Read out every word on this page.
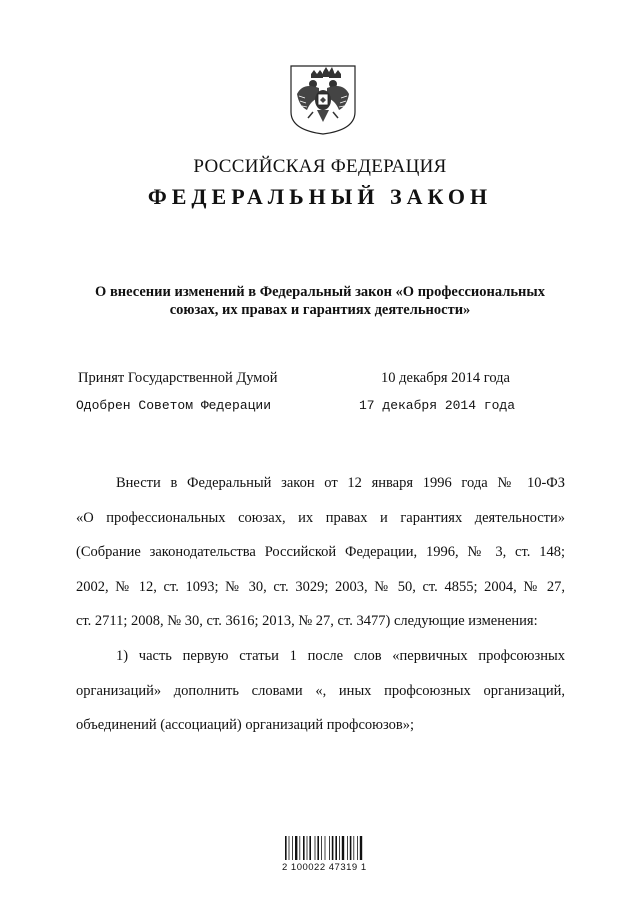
РОССИЙСКАЯ ФЕДЕРАЦИЯ
ФЕДЕРАЛЬНЫЙ ЗАКОН
О внесении изменений в Федеральный закон «О профессиональных
союзах, их правах и гарантиях деятельности»
Принят Государственной Думой	10 декабря 2014 года
Одобрен Советом Федерации	17 декабря 2014 года
Внести в Федеральный закон от 12 января 1996 года № 10-ФЗ
«О профессиональных союзах, их правах и гарантиях деятельности»
(Собрание законодательства Российской Федерации, 1996, № 3, ст. 148;
2002, № 12, ст. 1093; № 30, ст. 3029; 2003, № 50, ст. 4855; 2004, № 27,
ст. 2711; 2008, № 30, ст. 3616; 2013, № 27, ст. 3477) следующие изменения:
1) часть первую статьи 1 после слов «первичных профсоюзных
организаций» дополнить словами «, иных профсоюзных организаций,
объединений (ассоциаций) организаций профсоюзов»;
2 100022 47319 1
